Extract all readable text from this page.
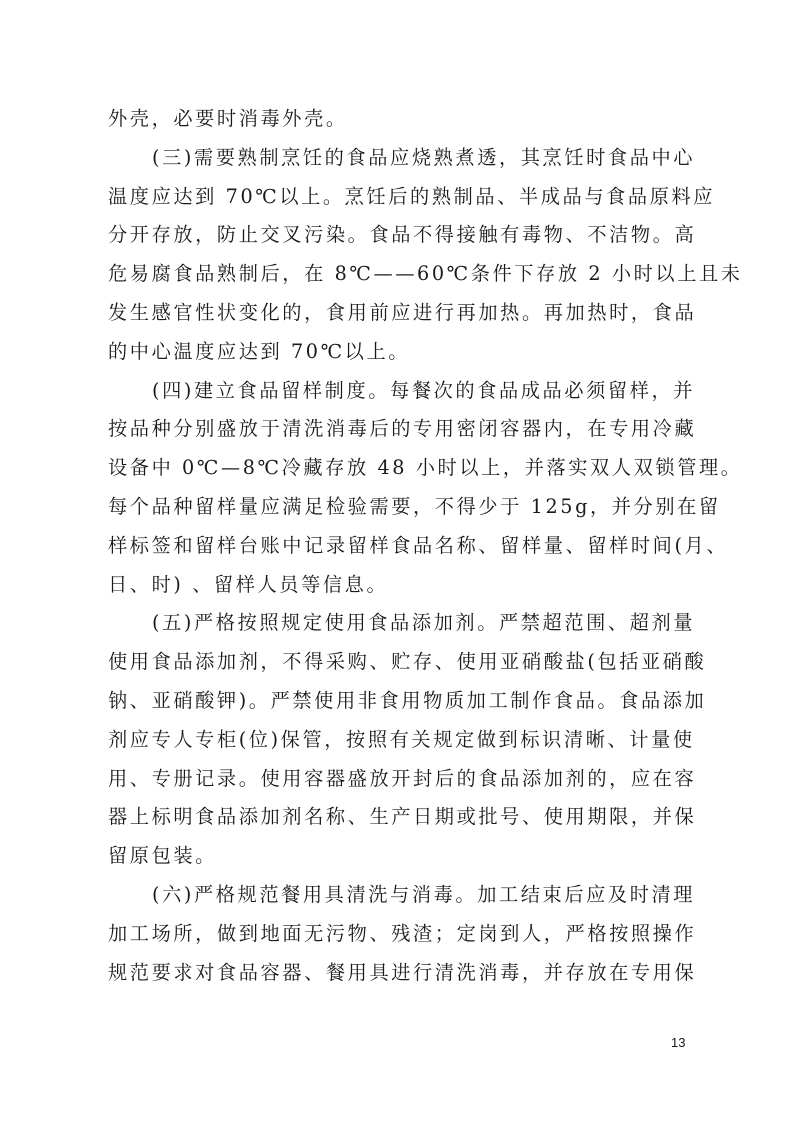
外壳，必要时消毒外壳。
(三)需要熟制烹饪的食品应烧熟煮透，其烹饪时食品中心
温度应达到 70℃以上。烹饪后的熟制品、半成品与食品原料应
分开存放，防止交叉污染。食品不得接触有毒物、不洁物。高
危易腐食品熟制后，在 8℃——60℃条件下存放 2 小时以上且未
发生感官性状变化的，食用前应进行再加热。再加热时，食品
的中心温度应达到 70℃以上。
(四)建立食品留样制度。每餐次的食品成品必须留样，并
按品种分别盛放于清洗消毒后的专用密闭容器内，在专用冷藏
设备中 0℃—8℃冷藏存放 48 小时以上，并落实双人双锁管理。
每个品种留样量应满足检验需要，不得少于 125g，并分别在留
样标签和留样台账中记录留样食品名称、留样量、留样时间(月、
日、时) 、留样人员等信息。
(五)严格按照规定使用食品添加剂。严禁超范围、超剂量
使用食品添加剂，不得采购、贮存、使用亚硝酸盐(包括亚硝酸
钠、亚硝酸钾)。严禁使用非食用物质加工制作食品。食品添加
剂应专人专柜(位)保管，按照有关规定做到标识清晰、计量使
用、专册记录。使用容器盛放开封后的食品添加剂的，应在容
器上标明食品添加剂名称、生产日期或批号、使用期限，并保
留原包装。
(六)严格规范餐用具清洗与消毒。加工结束后应及时清理
加工场所，做到地面无污物、残渣；定岗到人，严格按照操作
规范要求对食品容器、餐用具进行清洗消毒，并存放在专用保
13
